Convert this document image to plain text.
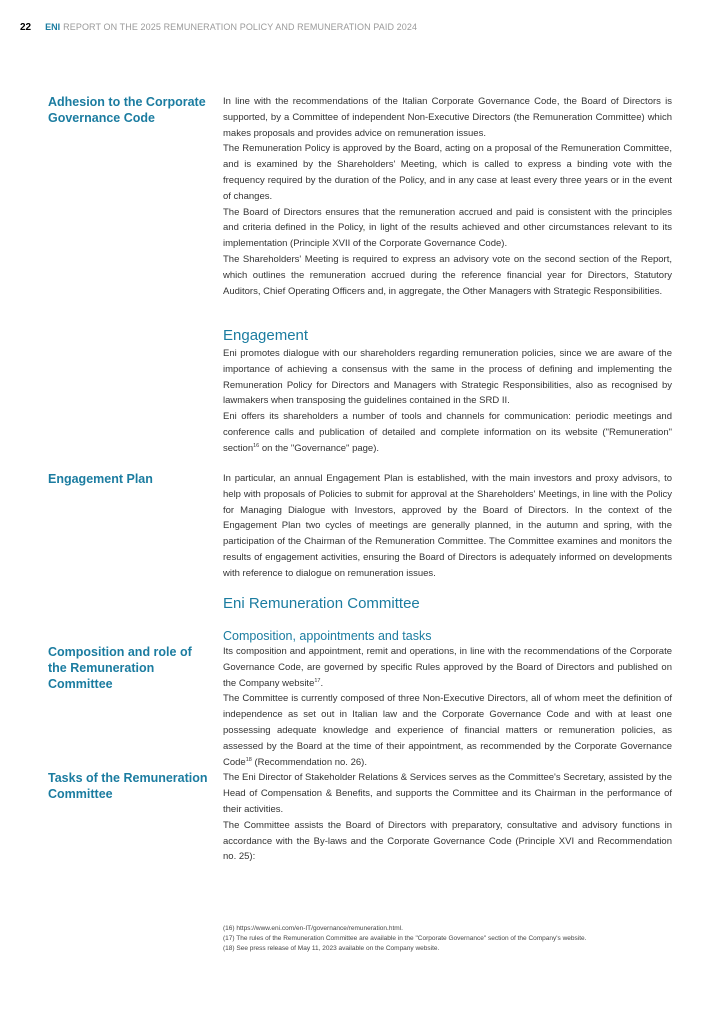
22 ENI REPORT ON THE 2025 REMUNERATION POLICY AND REMUNERATION PAID 2024
Adhesion to the Corporate Governance Code
Engagement Plan
Composition and role of the Remuneration Committee
Tasks of the Remuneration Committee

In line with the recommendations of the Italian Corporate Governance Code, the Board of Directors is supported, by a Committee of independent Non-Executive Directors (the Remuneration Committee) which makes proposals and provides advice on remuneration issues.

The Remuneration Policy is approved by the Board, acting on a proposal of the Remuneration Committee, and is examined by the Shareholders' Meeting, which is called to express a binding vote with the frequency required by the duration of the Policy, and in any case at least every three years or in the event of changes.

The Board of Directors ensures that the remuneration accrued and paid is consistent with the principles and criteria defined in the Policy, in light of the results achieved and other circumstances relevant to its implementation (Principle XVII of the Corporate Governance Code).

The Shareholders' Meeting is required to express an advisory vote on the second section of the Report, which outlines the remuneration accrued during the reference financial year for Directors, Statutory Auditors, Chief Operating Officers and, in aggregate, the Other Managers with Strategic Responsibilities.

Engagement

Eni promotes dialogue with our shareholders regarding remuneration policies, since we are aware of the importance of achieving a consensus with the same in the process of defining and implementing the Remuneration Policy for Directors and Managers with Strategic Responsibilities, also as recognised by lawmakers when transposing the guidelines contained in the SRD II.

Eni offers its shareholders a number of tools and channels for communication: periodic meetings and conference calls and publication of detailed and complete information on its website ("Remuneration" section$^{16}$ on the "Governance" page).

In particular, an annual Engagement Plan is established, with the main investors and proxy advisors, to help with proposals of Policies to submit for approval at the Shareholders' Meetings, in line with the Policy for Managing Dialogue with Investors, approved by the Board of Directors. In the context of the Engagement Plan two cycles of meetings are generally planned, in the autumn and spring, with the participation of the Chairman of the Remuneration Committee. The Committee examines and monitors the results of engagement activities, ensuring the Board of Directors is adequately informed on developments with reference to dialogue on remuneration issues.

Eni Remuneration Committee
Composition, appointments and tasks

Its composition and appointment, remit and operations, in line with the recommendations of the Corporate Governance Code, are governed by specific Rules approved by the Board of Directors and published on the Company website$^{17}$.

The Committee is currently composed of three Non-Executive Directors, all of whom meet the definition of independence as set out in Italian law and the Corporate Governance Code and with at least one possessing adequate knowledge and experience of financial matters or remuneration policies, as assessed by the Board at the time of their appointment, as recommended by the Corporate Governance Code$^{18}$ (Recommendation no. 26).

The Eni Director of Stakeholder Relations & Services serves as the Committee's Secretary, assisted by the Head of Compensation & Benefits, and supports the Committee and its Chairman in the performance of their activities.

The Committee assists the Board of Directors with preparatory, consultative and advisory functions in accordance with the By-laws and the Corporate Governance Code (Principle XVI and Recommendation no. 25):

(16) https://www.eni.com/en-IT/governance/remuneration.html.
(17) The rules of the Remuneration Committee are available in the "Corporate Governance" section of the Company's website.
(18) See press release of May 11, 2023 available on the Company website.
